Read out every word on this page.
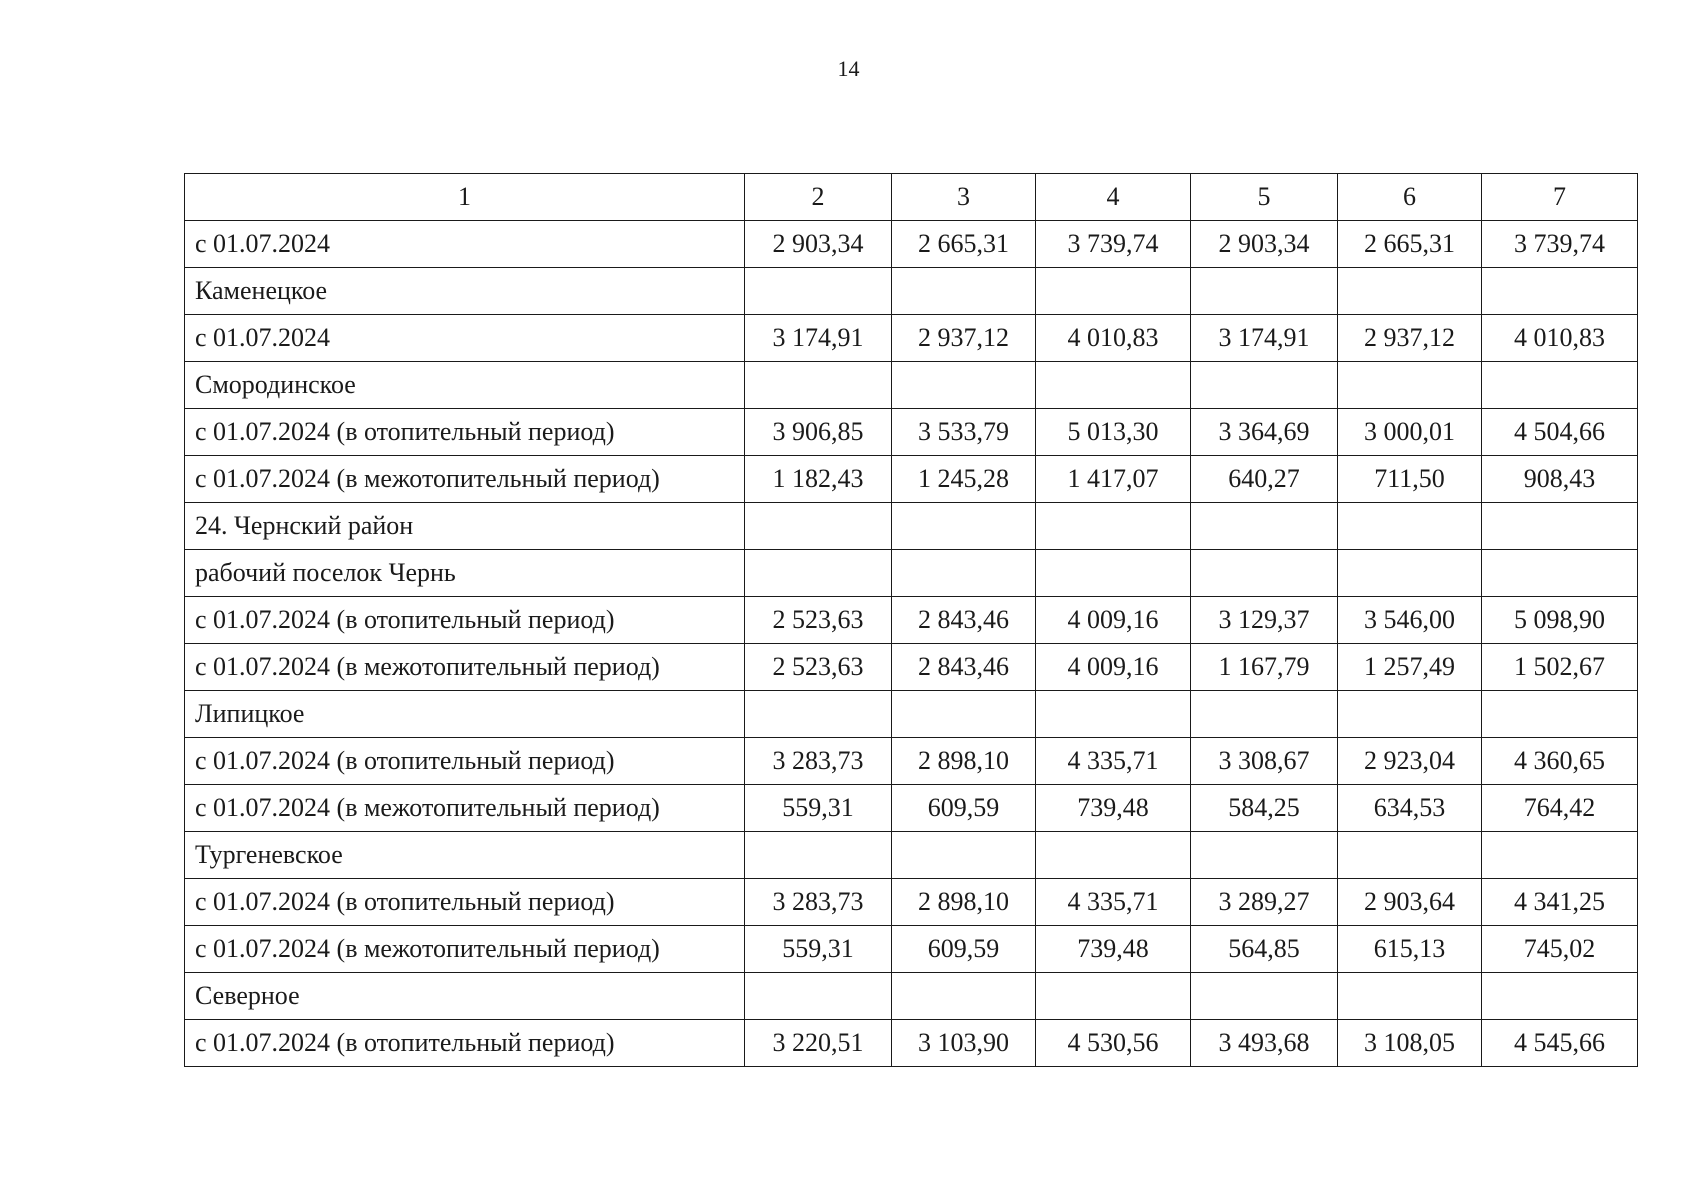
14
1	2	3	4	5	6	7
с 01.07.2024	2 903,34	2 665,31	3 739,74	2 903,34	2 665,31	3 739,74
Каменецкое						
с 01.07.2024	3 174,91	2 937,12	4 010,83	3 174,91	2 937,12	4 010,83
Смородинское						
с 01.07.2024 (в отопительный период)	3 906,85	3 533,79	5 013,30	3 364,69	3 000,01	4 504,66
с 01.07.2024 (в межотопительный период)	1 182,43	1 245,28	1 417,07	640,27	711,50	908,43
24. Чернский район						
рабочий поселок Чернь						
с 01.07.2024 (в отопительный период)	2 523,63	2 843,46	4 009,16	3 129,37	3 546,00	5 098,90
с 01.07.2024 (в межотопительный период)	2 523,63	2 843,46	4 009,16	1 167,79	1 257,49	1 502,67
Липицкое						
с 01.07.2024 (в отопительный период)	3 283,73	2 898,10	4 335,71	3 308,67	2 923,04	4 360,65
с 01.07.2024 (в межотопительный период)	559,31	609,59	739,48	584,25	634,53	764,42
Тургеневское						
с 01.07.2024 (в отопительный период)	3 283,73	2 898,10	4 335,71	3 289,27	2 903,64	4 341,25
с 01.07.2024 (в межотопительный период)	559,31	609,59	739,48	564,85	615,13	745,02
Северное						
с 01.07.2024 (в отопительный период)	3 220,51	3 103,90	4 530,56	3 493,68	3 108,05	4 545,66
